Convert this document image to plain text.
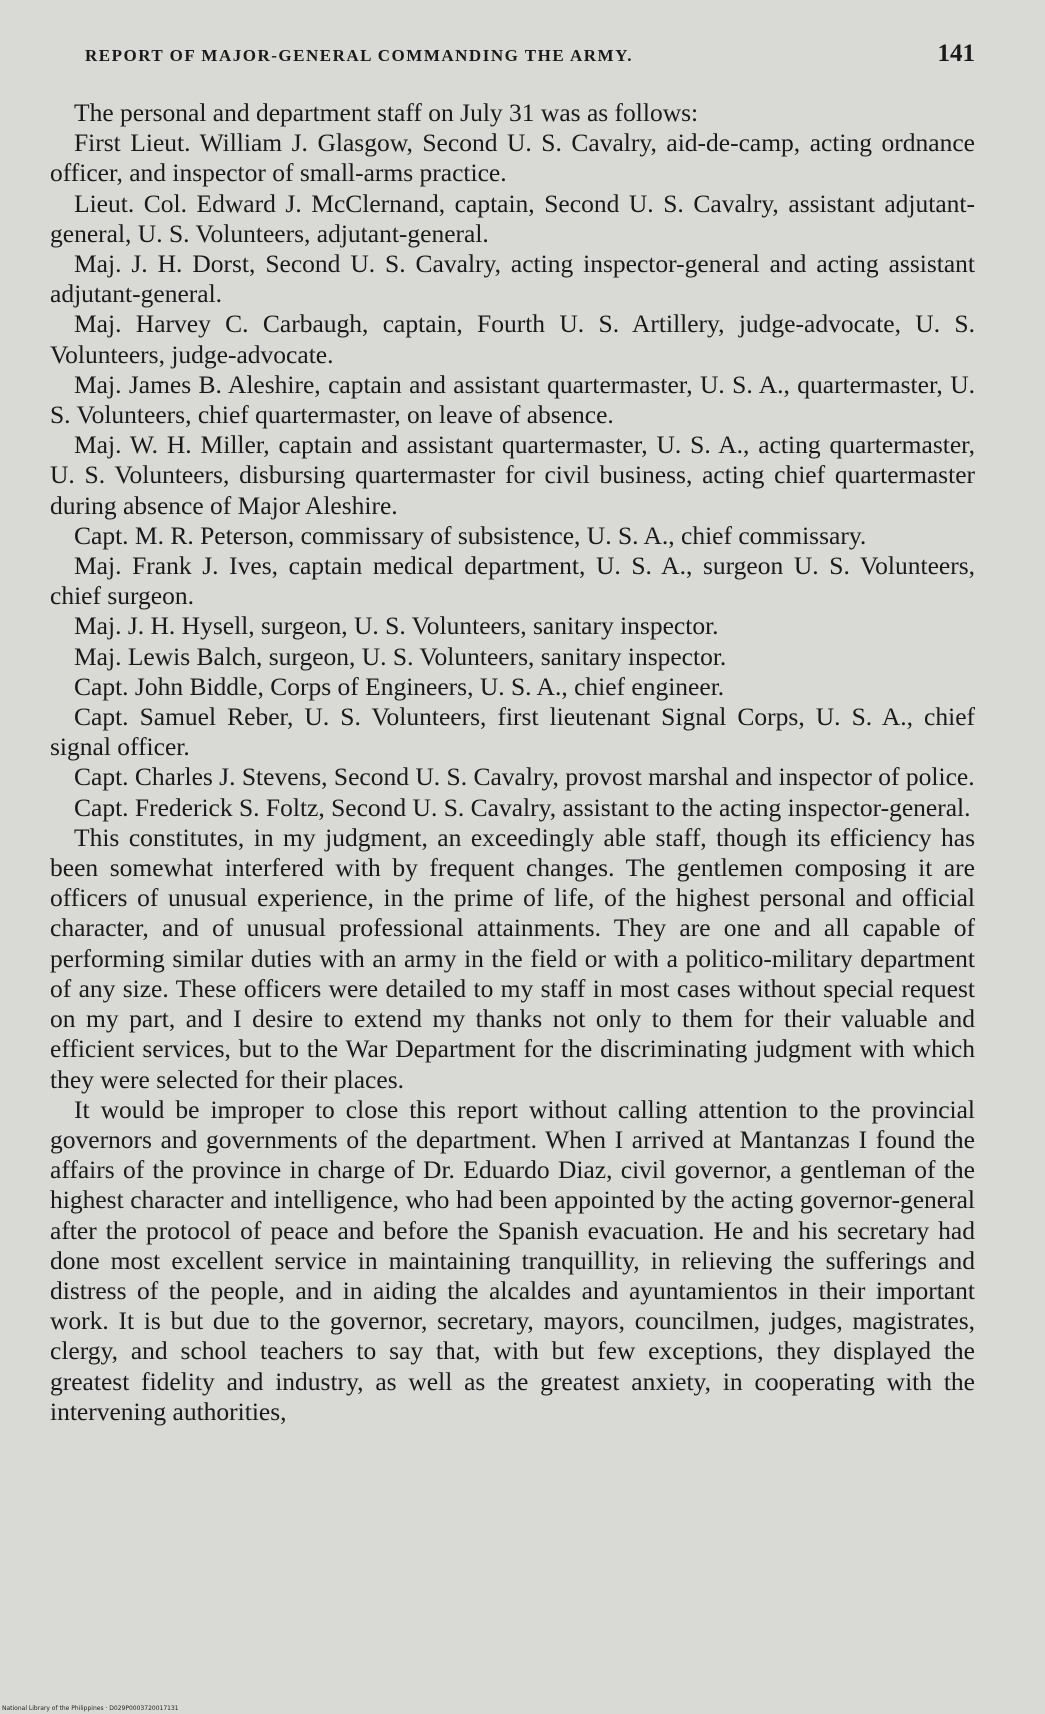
REPORT OF MAJOR-GENERAL COMMANDING THE ARMY.	141

The personal and department staff on July 31 was as follows:

First Lieut. William J. Glasgow, Second U. S. Cavalry, aid-de-camp, acting ordnance officer, and inspector of small-arms practice.

Lieut. Col. Edward J. McClernand, captain, Second U. S. Cavalry, assistant adjutant-general, U. S. Volunteers, adjutant-general.

Maj. J. H. Dorst, Second U. S. Cavalry, acting inspector-general and acting assistant adjutant-general.

Maj. Harvey C. Carbaugh, captain, Fourth U. S. Artillery, judge-advocate, U. S. Volunteers, judge-advocate.

Maj. James B. Aleshire, captain and assistant quartermaster, U. S. A., quartermaster, U. S. Volunteers, chief quartermaster, on leave of absence.

Maj. W. H. Miller, captain and assistant quartermaster, U. S. A., acting quartermaster, U. S. Volunteers, disbursing quartermaster for civil business, acting chief quartermaster during absence of Major Aleshire.

Capt. M. R. Peterson, commissary of subsistence, U. S. A., chief commissary.

Maj. Frank J. Ives, captain medical department, U. S. A., surgeon U. S. Volunteers, chief surgeon.

Maj. J. H. Hysell, surgeon, U. S. Volunteers, sanitary inspector.

Maj. Lewis Balch, surgeon, U. S. Volunteers, sanitary inspector.

Capt. John Biddle, Corps of Engineers, U. S. A., chief engineer.

Capt. Samuel Reber, U. S. Volunteers, first lieutenant Signal Corps, U. S. A., chief signal officer.

Capt. Charles J. Stevens, Second U. S. Cavalry, provost marshal and inspector of police.

Capt. Frederick S. Foltz, Second U. S. Cavalry, assistant to the acting inspector-general.

This constitutes, in my judgment, an exceedingly able staff, though its efficiency has been somewhat interfered with by frequent changes. The gentlemen composing it are officers of unusual experience, in the prime of life, of the highest personal and official character, and of unusual professional attainments. They are one and all capable of performing similar duties with an army in the field or with a politico-military department of any size. These officers were detailed to my staff in most cases without special request on my part, and I desire to extend my thanks not only to them for their valuable and efficient services, but to the War Department for the discriminating judgment with which they were selected for their places.

It would be improper to close this report without calling attention to the provincial governors and governments of the department. When I arrived at Mantanzas I found the affairs of the province in charge of Dr. Eduardo Diaz, civil governor, a gentleman of the highest character and intelligence, who had been appointed by the acting governor-general after the protocol of peace and before the Spanish evacuation. He and his secretary had done most excellent service in maintaining tranquillity, in relieving the sufferings and distress of the people, and in aiding the alcaldes and ayuntamientos in their important work. It is but due to the governor, secretary, mayors, councilmen, judges, magistrates, clergy, and school teachers to say that, with but few exceptions, they displayed the greatest fidelity and industry, as well as the greatest anxiety, in cooperating with the intervening authorities,

National Library of the Philippines · D029P0003720017131
